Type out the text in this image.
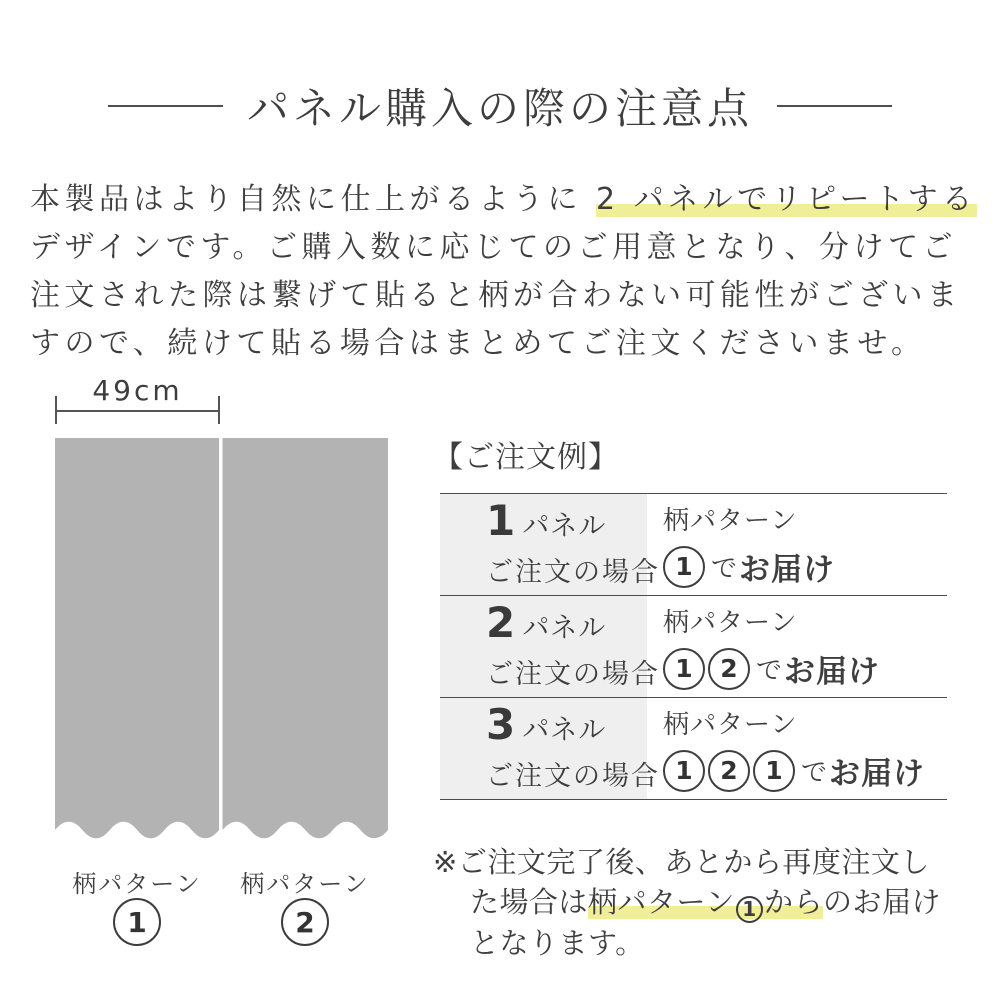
パネル購入の際の注意点
本製品はより自然に仕上がるように 2 パネルでリピートする
デザインです。ご購入数に応じてのご用意となり、分けてご
注文された際は繋げて貼ると柄が合わない可能性がございま
すので、続けて貼る場合はまとめてご注文くださいませ。
49cm
柄パターン	柄パターン
1	2
【ご注文例】
1 パネル
ご注文の場合
柄パターン
1 で お届け
2 パネル
ご注文の場合
柄パターン
1	2 で お届け
3 パネル
ご注文の場合
柄パターン
1	2	1 で お届け
※ご注文完了後、あとから再度注文し
た場合は柄パターン 1 からのお届け
となります。
